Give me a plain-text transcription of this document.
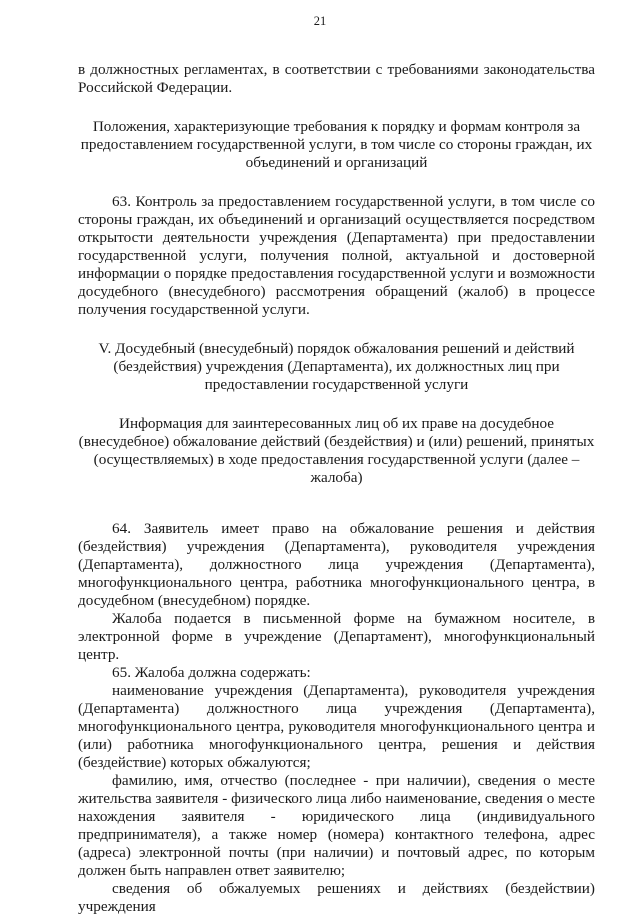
21

в должностных регламентах, в соответствии с требованиями законодательства Российской Федерации.

Положения, характеризующие требования к порядку и формам контроля за предоставлением государственной услуги, в том числе со стороны граждан, их объединений и организаций

63. Контроль за предоставлением государственной услуги, в том числе со стороны граждан, их объединений и организаций осуществляется посредством открытости деятельности учреждения (Департамента) при предоставлении государственной услуги, получения полной, актуальной и достоверной информации о порядке предоставления государственной услуги и возможности досудебного (внесудебного) рассмотрения обращений (жалоб) в процессе получения государственной услуги.

V. Досудебный (внесудебный) порядок обжалования решений и действий (бездействия) учреждения (Департамента), их должностных лиц при предоставлении государственной услуги

Информация для заинтересованных лиц об их праве на досудебное (внесудебное) обжалование действий (бездействия) и (или) решений, принятых (осуществляемых) в ходе предоставления государственной услуги (далее – жалоба)

64. Заявитель имеет право на обжалование решения и действия (бездействия) учреждения (Департамента), руководителя учреждения (Департамента), должностного лица учреждения (Департамента), многофункционального центра, работника многофункционального центра, в досудебном (внесудебном) порядке.

Жалоба подается в письменной форме на бумажном носителе, в электронной форме в учреждение (Департамент), многофункциональный центр.

65. Жалоба должна содержать:

наименование учреждения (Департамента), руководителя учреждения (Департамента) должностного лица учреждения (Департамента), многофункционального центра, руководителя многофункционального центра и (или) работника многофункционального центра, решения и действия (бездействие) которых обжалуются;

фамилию, имя, отчество (последнее - при наличии), сведения о месте жительства заявителя - физического лица либо наименование, сведения о месте нахождения заявителя - юридического лица (индивидуального предпринимателя), а также номер (номера) контактного телефона, адрес (адреса) электронной почты (при наличии) и почтовый адрес, по которым должен быть направлен ответ заявителю;

сведения об обжалуемых решениях и действиях (бездействии) учреждения
